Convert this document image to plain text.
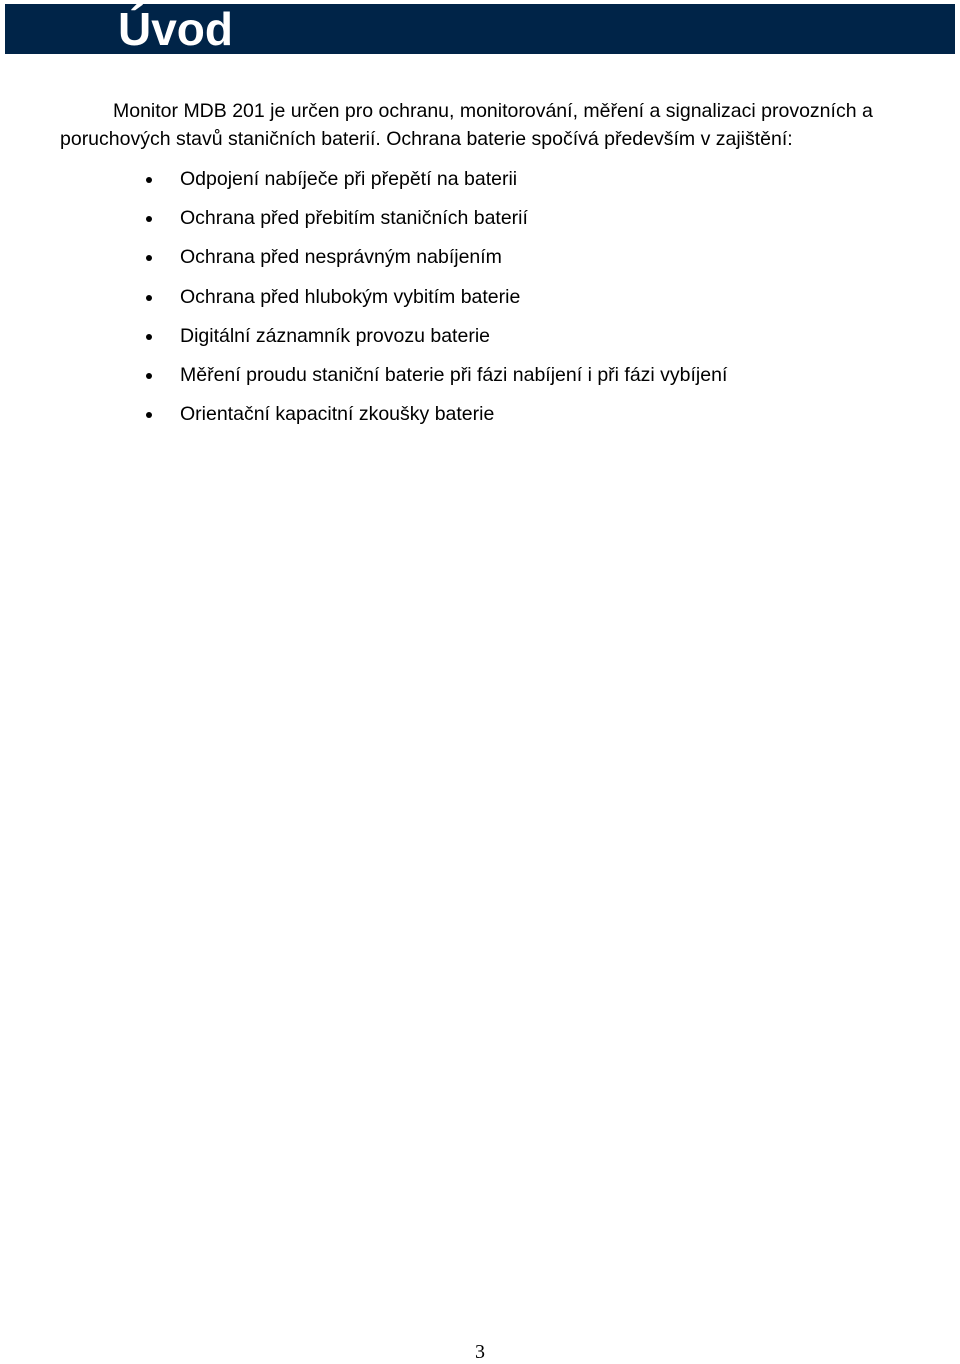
Úvod

Monitor MDB 201 je určen pro ochranu, monitorování, měření a signalizaci provozních a poruchových stavů staničních baterií. Ochrana baterie spočívá především v zajištění:

Odpojení nabíječe při přepětí na baterii
Ochrana před přebitím staničních baterií
Ochrana před nesprávným nabíjením
Ochrana před hlubokým vybitím baterie
Digitální záznamník provozu baterie
Měření proudu staniční baterie při fázi nabíjení i při fázi vybíjení
Orientační kapacitní zkoušky baterie
3
